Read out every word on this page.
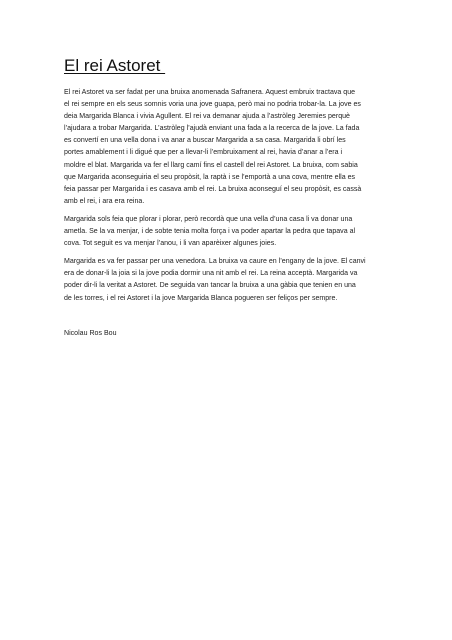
El rei Astoret

El rei Astoret va ser fadat per una bruixa anomenada Safranera. Aquest embruix tractava que
el rei sempre en els seus somnis voria una jove guapa, però mai no podria trobar-la. La jove es
deia Margarida Blanca i vivia Agullent. El rei va demanar ajuda a l’astròleg Jeremies perquè
l’ajudara a trobar Margarida. L’astròleg l’ajudà enviant una fada a la recerca de la jove. La fada
es convertí en una vella dona i va anar a buscar Margarida a sa casa. Margarida li obrí les
portes amablement i li digué que per a llevar-li l’embruixament al rei, havia d’anar a l’era i
moldre el blat. Margarida va fer el llarg camí fins el castell del rei Astoret. La bruixa, com sabia
que Margarida aconseguiria el seu propòsit, la raptà i se l’emportà a una cova, mentre ella es
feia passar per Margarida i es casava amb el rei. La bruixa aconseguí el seu propòsit, es cassà
amb el rei, i ara era reina.

Margarida sols feia que plorar i plorar, però recordà que una vella d’una casa li va donar una
ametla. Se la va menjar, i de sobte tenia molta força i va poder apartar la pedra que tapava al
cova. Tot seguit es va menjar l’anou, i li van aparèixer algunes joies.

Margarida es va fer passar per una venedora. La bruixa va caure en l’engany de la jove. El canvi
era de donar-li la joia si la jove podia dormir una nit amb el rei. La reina acceptà. Margarida va
poder dir-li la veritat a Astoret. De seguida van tancar la bruixa a una gàbia que tenien en una
de les torres, i el rei Astoret i la jove Margarida Blanca pogueren ser feliços per sempre.

Nicolau Ros Bou
